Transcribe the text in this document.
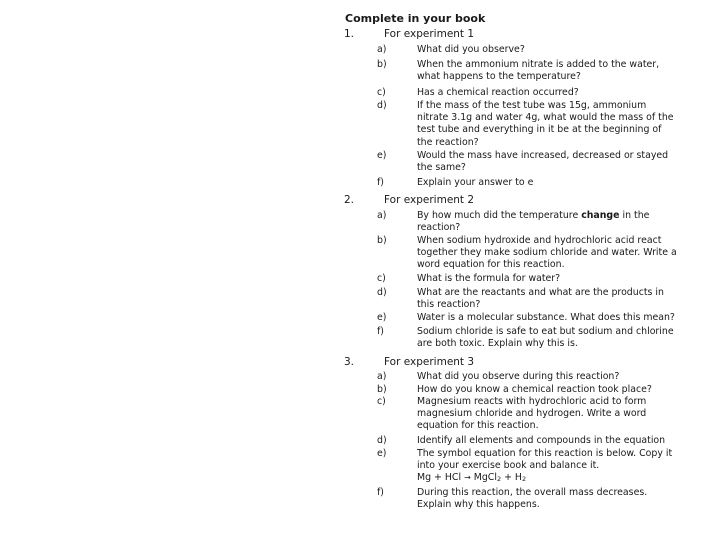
Complete in your book
1.	For experiment 1
a)	What did you observe?
b)	When the ammonium nitrate is added to the water, what happens to the temperature?
c)	Has a chemical reaction occurred?
d)	If the mass of the test tube was 15g, ammonium nitrate 3.1g and water 4g, what would the mass of the test tube and everything in it be at the beginning of the reaction?
e)	Would the mass have increased, decreased or stayed the same?
f)	Explain your answer to e
2.	For experiment 2
a)	By how much did the temperature change in the reaction?
b)	When sodium hydroxide and hydrochloric acid react together they make sodium chloride and water. Write a word equation for this reaction.
c)	What is the formula for water?
d)	What are the reactants and what are the products in this reaction?
e)	Water is a molecular substance. What does this mean?
f)	Sodium chloride is safe to eat but sodium and chlorine are both toxic. Explain why this is.
3.	For experiment 3
a)	What did you observe during this reaction?
b)	How do you know a chemical reaction took place?
c)	Magnesium reacts with hydrochloric acid to form magnesium chloride and hydrogen. Write a word equation for this reaction.
d)	Identify all elements and compounds in the equation
e)	The symbol equation for this reaction is below. Copy it into your exercise book and balance it.
Mg + HCl → MgCl2 + H2
f)	During this reaction, the overall mass decreases. Explain why this happens.
